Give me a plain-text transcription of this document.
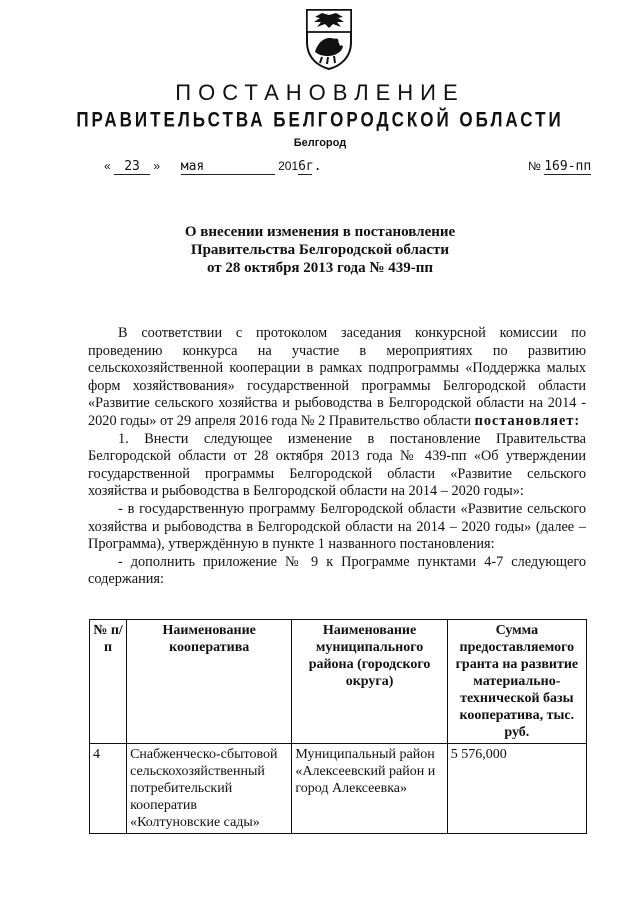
ПОСТАНОВЛЕНИЕ
ПРАВИТЕЛЬСТВА БЕЛГОРОДСКОЙ ОБЛАСТИ
Белгород
« 23 » мая	2016г.	№ 169-пп
О внесении изменения в постановление
Правительства Белгородской области
от 28 октября 2013 года № 439-пп

В соответствии с протоколом заседания конкурсной комиссии по проведению конкурса на участие в мероприятиях по развитию сельскохозяйственной кооперации в рамках подпрограммы «Поддержка малых форм хозяйствования» государственной программы Белгородской области «Развитие сельского хозяйства и рыбоводства в Белгородской области на 2014 - 2020 годы» от 29 апреля 2016 года № 2 Правительство области постановляет:

1. Внести следующее изменение в постановление Правительства Белгородской области от 28 октября 2013 года № 439-пп «Об утверждении государственной программы Белгородской области «Развитие сельского хозяйства и рыбоводства в Белгородской области на 2014 – 2020 годы»:

- в государственную программу Белгородской области «Развитие сельского хозяйства и рыбоводства в Белгородской области на 2014 – 2020 годы» (далее – Программа), утверждённую в пункте 1 названного постановления:

- дополнить приложение № 9 к Программе пунктами 4-7 следующего содержания:

№ п/п	Наименование кооператива	Наименование муниципального района (городского округа)	Сумма предоставляемого гранта на развитие материально-технической базы кооператива, тыс. руб.
4	Снабженческо-сбытовой сельскохозяйственный потребительский кооператив «Колтуновские сады»	Муниципальный район «Алексеевский район и город Алексеевка»	5 576,000
